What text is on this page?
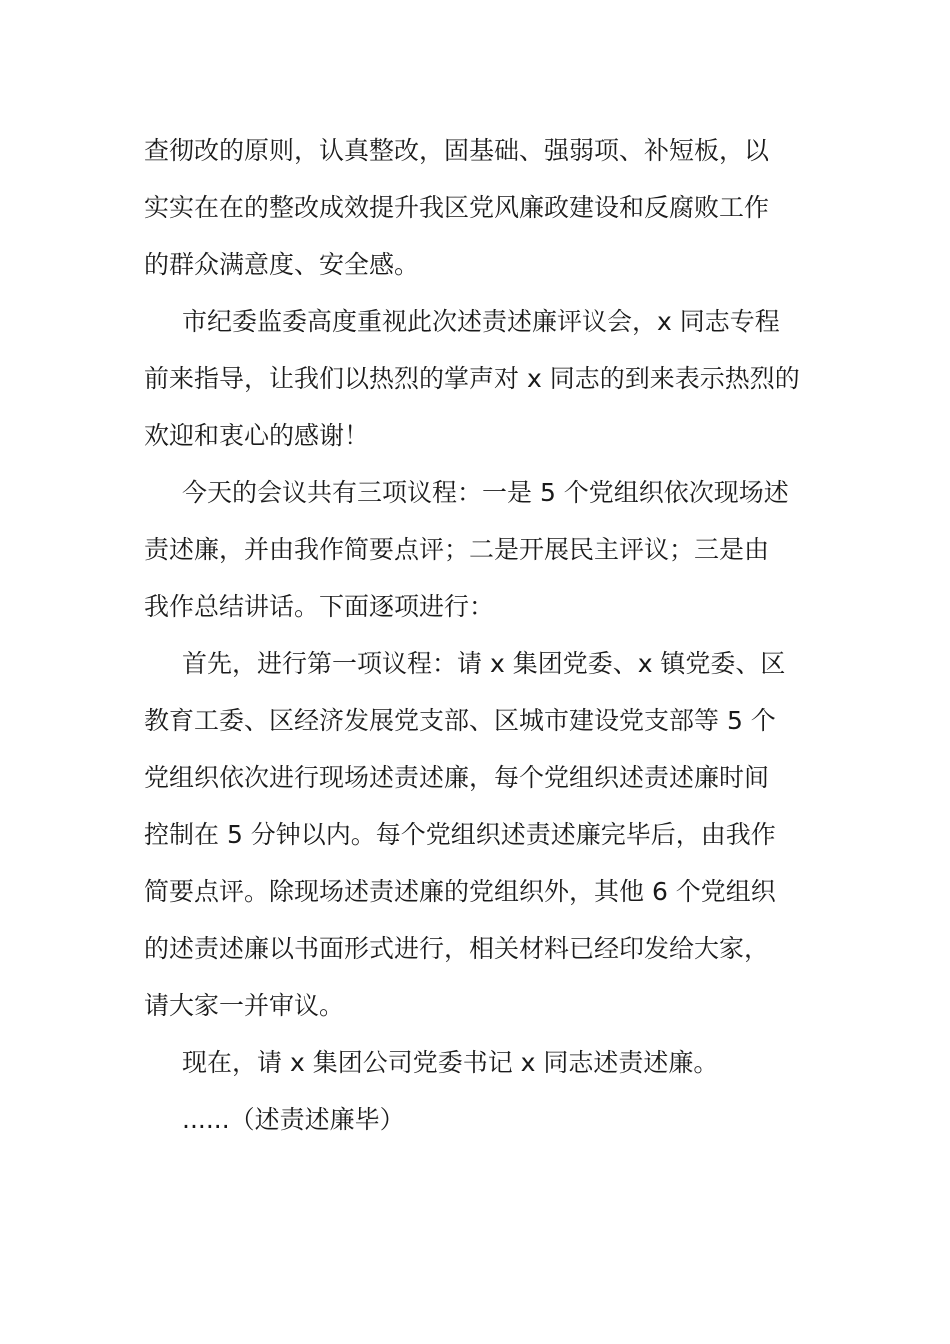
查彻改的原则，认真整改，固基础、强弱项、补短板，以
实实在在的整改成效提升我区党风廉政建设和反腐败工作
的群众满意度、安全感。
市纪委监委高度重视此次述责述廉评议会，x 同志专程
前来指导，让我们以热烈的掌声对 x 同志的到来表示热烈的
欢迎和衷心的感谢！
今天的会议共有三项议程：一是 5 个党组织依次现场述
责述廉，并由我作简要点评；二是开展民主评议；三是由
我作总结讲话。下面逐项进行：
首先，进行第一项议程：请 x 集团党委、x 镇党委、区
教育工委、区经济发展党支部、区城市建设党支部等 5 个
党组织依次进行现场述责述廉，每个党组织述责述廉时间
控制在 5 分钟以内。每个党组织述责述廉完毕后，由我作
简要点评。除现场述责述廉的党组织外，其他 6 个党组织
的述责述廉以书面形式进行，相关材料已经印发给大家，
请大家一并审议。
现在，请 x 集团公司党委书记 x 同志述责述廉。
......（述责述廉毕）
